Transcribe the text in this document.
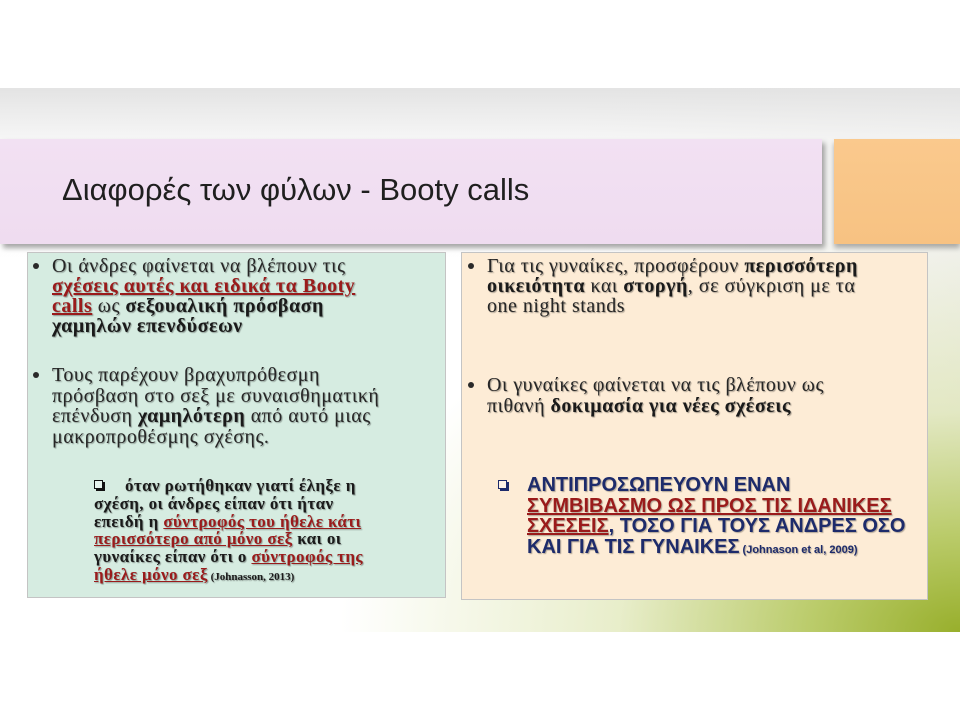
Διαφορές των φύλων - Booty calls
Οι άνδρες φαίνεται να βλέπουν τις
σχέσεις αυτές και ειδικά τα Booty
calls ως σεξουαλική πρόσβαση
χαμηλών επενδύσεων
Τους παρέχουν βραχυπρόθεσμη
πρόσβαση στο σεξ με συναισθηματική
επένδυση χαμηλότερη από αυτό μιας
μακροπροθέσμης σχέσης.
όταν ρωτήθηκαν γιατί έληξε η
σχέση, οι άνδρες είπαν ότι ήταν
επειδή η σύντροφός του ήθελε κάτι
περισσότερο από μόνο σεξ και οι
γυναίκες είπαν ότι ο σύντροφός της
ήθελε μόνο σεξ (Johnasson, 2013)
Για τις γυναίκες, προσφέρουν περισσότερη
οικειότητα και στοργή, σε σύγκριση με τα
one night stands
Οι γυναίκες φαίνεται να τις βλέπουν ως
πιθανή δοκιμασία για νέες σχέσεις
ΑΝΤΙΠΡΟΣΩΠΕΥΟΥΝ ΕΝΑΝ
ΣΥΜΒΙΒΑΣΜΟ ΩΣ ΠΡΟΣ ΤΙΣ ΙΔΑΝΙΚΕΣ
ΣΧΕΣΕΙΣ, ΤΟΣΟ ΓΙΑ ΤΟΥΣ ΑΝΔΡΕΣ ΟΣΟ
ΚΑΙ ΓΙΑ ΤΙΣ ΓΥΝΑΙΚΕΣ (Johnason et al, 2009)
